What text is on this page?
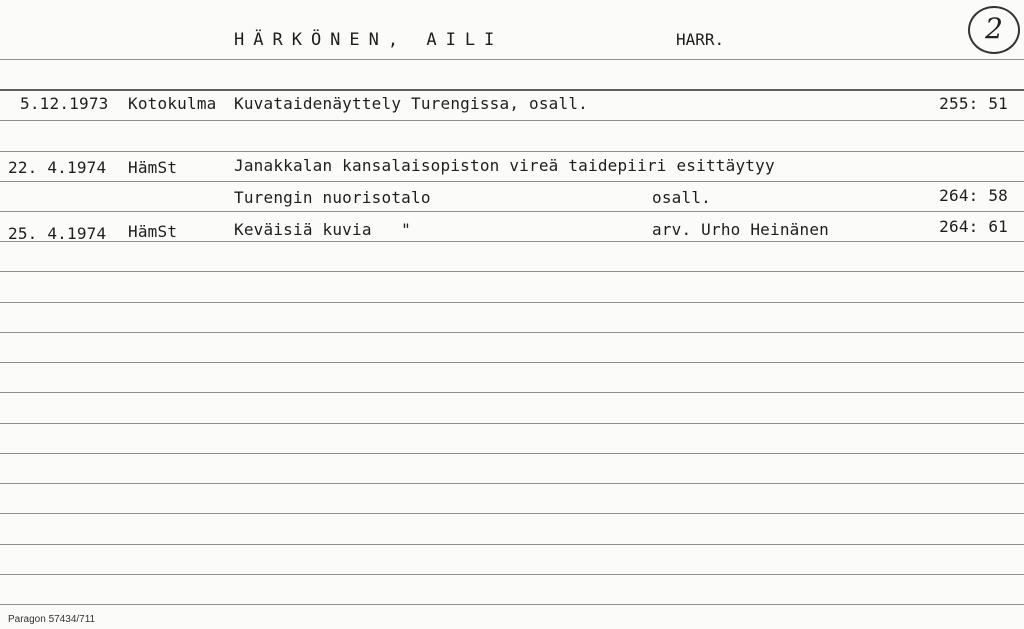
HÄRKÖNEN, AILI	HARR.	2
5.12.1973 Kotokulma Kuvataidenäyttely Turengissa, osall.	255: 51
22. 4.1974 HämSt	Janakkalan kansalaisopiston vireä taidepiiri esittäytyy
Turengin nuorisotalo	osall.	264: 58
25. 4.1974 HämSt	Keväisiä kuvia   "	arv. Urho Heinänen	264: 61
Paragon 57434/711
